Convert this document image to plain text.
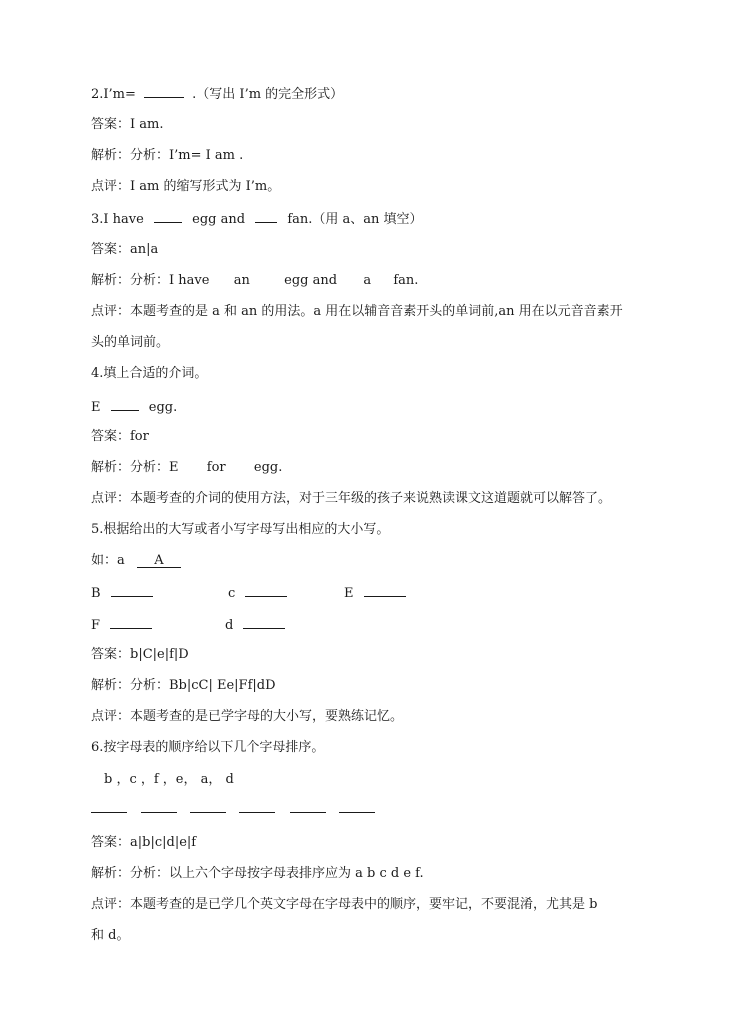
2.I’m=	.（写出 I’m 的完全形式）
答案：I am.
解析：分析：I’m= I am .
点评：I am 的缩写形式为 I’m。
3.I have	egg and	fan.（用 a、an 填空）
答案：an|a
解析：分析：I have an	egg and a fan.
点评：本题考查的是 a 和 an 的用法。a 用在以辅音音素开头的单词前,an 用在以元音音素开
头的单词前。
4.填上合适的介词。
E	egg.
答案：for
解析：分析：E for egg.
点评：本题考查的介词的使用方法，对于三年级的孩子来说熟读课文这道题就可以解答了。
5.根据给出的大写或者小写字母写出相应的大小写。
如：a A
B	c	E
F	d
答案：b|C|e|f|D
解析：分析：Bb|cC| Ee|Ff|dD
点评：本题考查的是已学字母的大小写，要熟练记忆。
6.按字母表的顺序给以下几个字母排序。
b ，c ，f ，e， a， d
答案：a|b|c|d|e|f
解析：分析：以上六个字母按字母表排序应为 a b c d e f.
点评：本题考查的是已学几个英文字母在字母表中的顺序，要牢记，不要混淆，尤其是 b
和 d。
